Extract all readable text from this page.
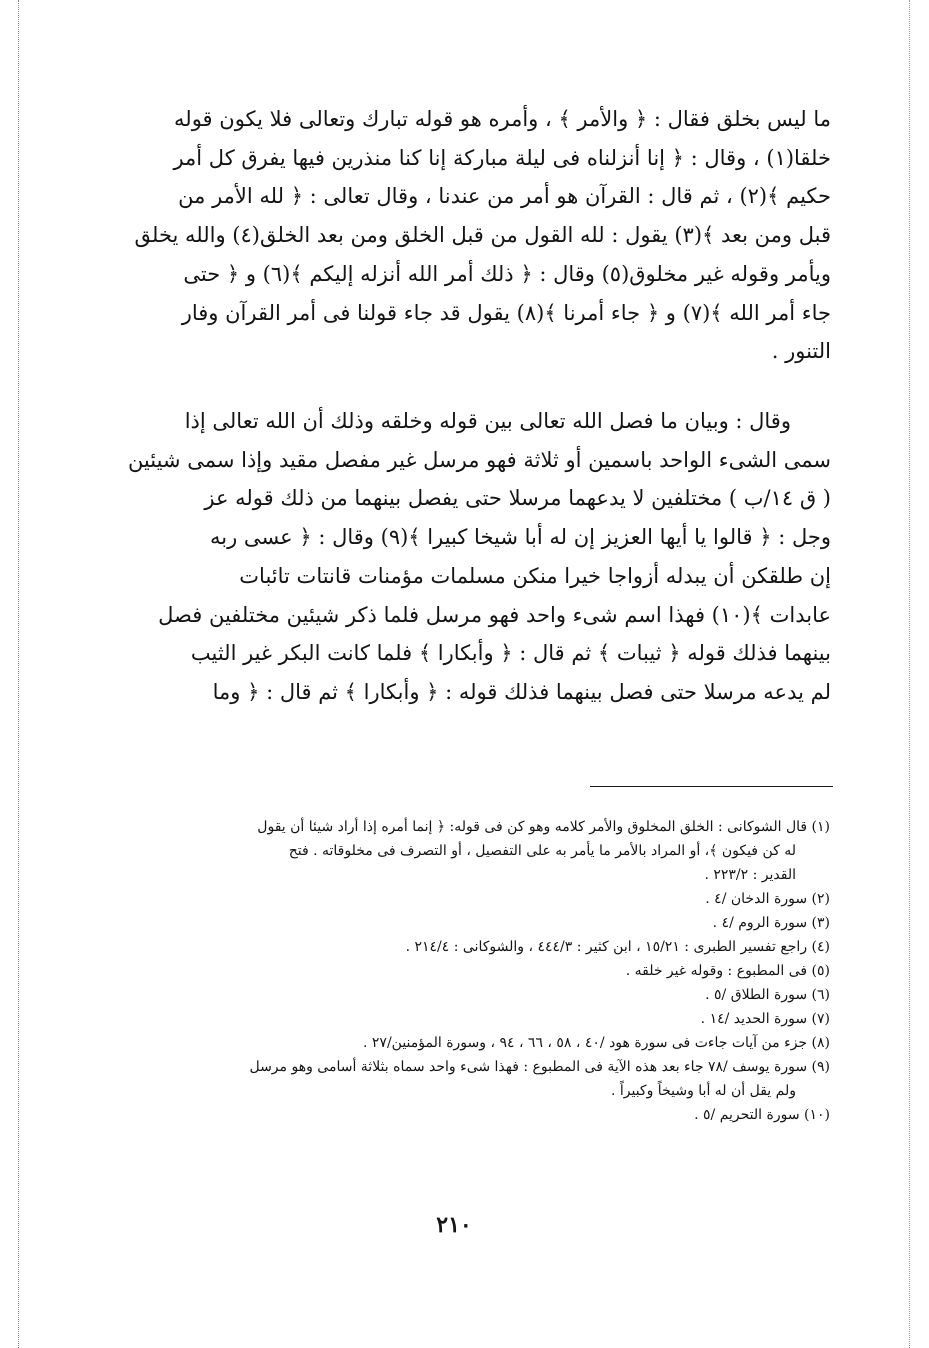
ما ليس بخلق فقال : ﴿ والأمر ﴾ ، وأمره هو قوله تبارك وتعالى فلا يكون قوله
خلقا(١) ، وقال : ﴿ إنا أنزلناه فى ليلة مباركة إنا كنا منذرين فيها يفرق كل أمر
حكيم ﴾(٢) ، ثم قال : القرآن هو أمر من عندنا ، وقال تعالى : ﴿ لله الأمر من
قبل ومن بعد ﴾(٣) يقول : لله القول من قبل الخلق ومن بعد الخلق(٤) والله يخلق
ويأمر وقوله غير مخلوق(٥) وقال : ﴿ ذلك أمر الله أنزله إليكم ﴾(٦) و ﴿ حتى
جاء أمر الله ﴾(٧) و ﴿ جاء أمرنا ﴾(٨) يقول قد جاء قولنا فى أمر القرآن وفار
التنور .
وقال : وبيان ما فصل الله تعالى بين قوله وخلقه وذلك أن الله تعالى إذا
سمى الشىء الواحد باسمين أو ثلاثة فهو مرسل غير مفصل مقيد وإذا سمى شيئين
( ق ١٤/ب ) مختلفين لا يدعهما مرسلا حتى يفصل بينهما من ذلك قوله عز
وجل : ﴿ قالوا يا أيها العزيز إن له أبا شيخا كبيرا ﴾(٩) وقال : ﴿ عسى ربه
إن طلقكن أن يبدله أزواجا خيرا منكن مسلمات مؤمنات قانتات تائبات
عابدات ﴾(١٠) فهذا اسم شىء واحد فهو مرسل فلما ذكر شيئين مختلفين فصل
بينهما فذلك قوله ﴿ ثيبات ﴾ ثم قال : ﴿ وأبكارا ﴾ فلما كانت البكر غير الثيب
لم يدعه مرسلا حتى فصل بينهما فذلك قوله : ﴿ وأبكارا ﴾ ثم قال : ﴿ وما
(١) قال الشوكانى : الخلق المخلوق والأمر كلامه وهو كن فى قوله: ﴿ إنما أمره إذا أراد شيئا أن يقول
له كن فيكون ﴾، أو المراد بالأمر ما يأمر به على التفصيل ، أو التصرف فى مخلوقاته . فتح
القدير : ٢٢٣/٢ .
(٢) سورة الدخان /٤ .
(٣) سورة الروم /٤ .
(٤) راجع تفسير الطبرى : ١٥/٢١ ، ابن كثير : ٤٤٤/٣ ، والشوكانى : ٢١٤/٤ .
(٥) فى المطبوع : وقوله غير خلقه .
(٦) سورة الطلاق /٥ .
(٧) سورة الحديد /١٤ .
(٨) جزء من آيات جاءت فى سورة هود /٤٠ ، ٥٨ ، ٦٦ ، ٩٤ ، وسورة المؤمنين/٢٧ .
(٩) سورة يوسف /٧٨ جاء بعد هذه الآية فى المطبوع : فهذا شىء واحد سماه بثلاثة أسامى وهو مرسل
ولم يقل أن له أبا وشيخاً وكبيراً .
(١٠) سورة التحريم /٥ .
٢١٠
